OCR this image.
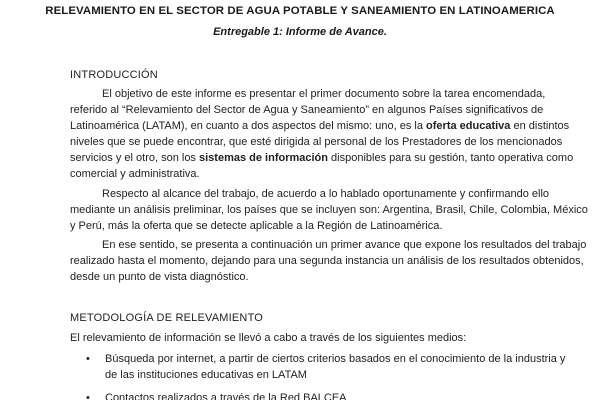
RELEVAMIENTO EN EL SECTOR DE AGUA POTABLE Y SANEAMIENTO EN LATINOAMERICA
Entregable 1: Informe de Avance.
INTRODUCCIÓN
El objetivo de este informe es presentar el primer documento sobre la tarea encomendada,
referido al “Relevamiento del Sector de Agua y Saneamiento” en algunos Países significativos de
Latinoamérica (LATAM), en cuanto a dos aspectos del mismo: uno, es la oferta educativa en distintos
niveles que se puede encontrar, que esté dirigida al personal de los Prestadores de los mencionados
servicios y el otro, son los sistemas de información disponibles para su gestión, tanto operativa como
comercial y administrativa.
Respecto al alcance del trabajo, de acuerdo a lo hablado oportunamente y confirmando ello
mediante un análisis preliminar, los países que se incluyen son: Argentina, Brasil, Chile, Colombia, México
y Perú, más la oferta que se detecte aplicable a la Región de Latinoamérica.
En ese sentido, se presenta a continuación un primer avance que expone los resultados del trabajo
realizado hasta el momento, dejando para una segunda instancia un análisis de los resultados obtenidos,
desde un punto de vista diagnóstico.
METODOLOGÍA DE RELEVAMIENTO
El relevamiento de información se llevó a cabo a través de los siguientes medios:
•	Búsqueda por internet, a partir de ciertos criterios basados en el conocimiento de la industria y
de las instituciones educativas en LATAM
•	Contactos realizados a través de la Red BALCEA
